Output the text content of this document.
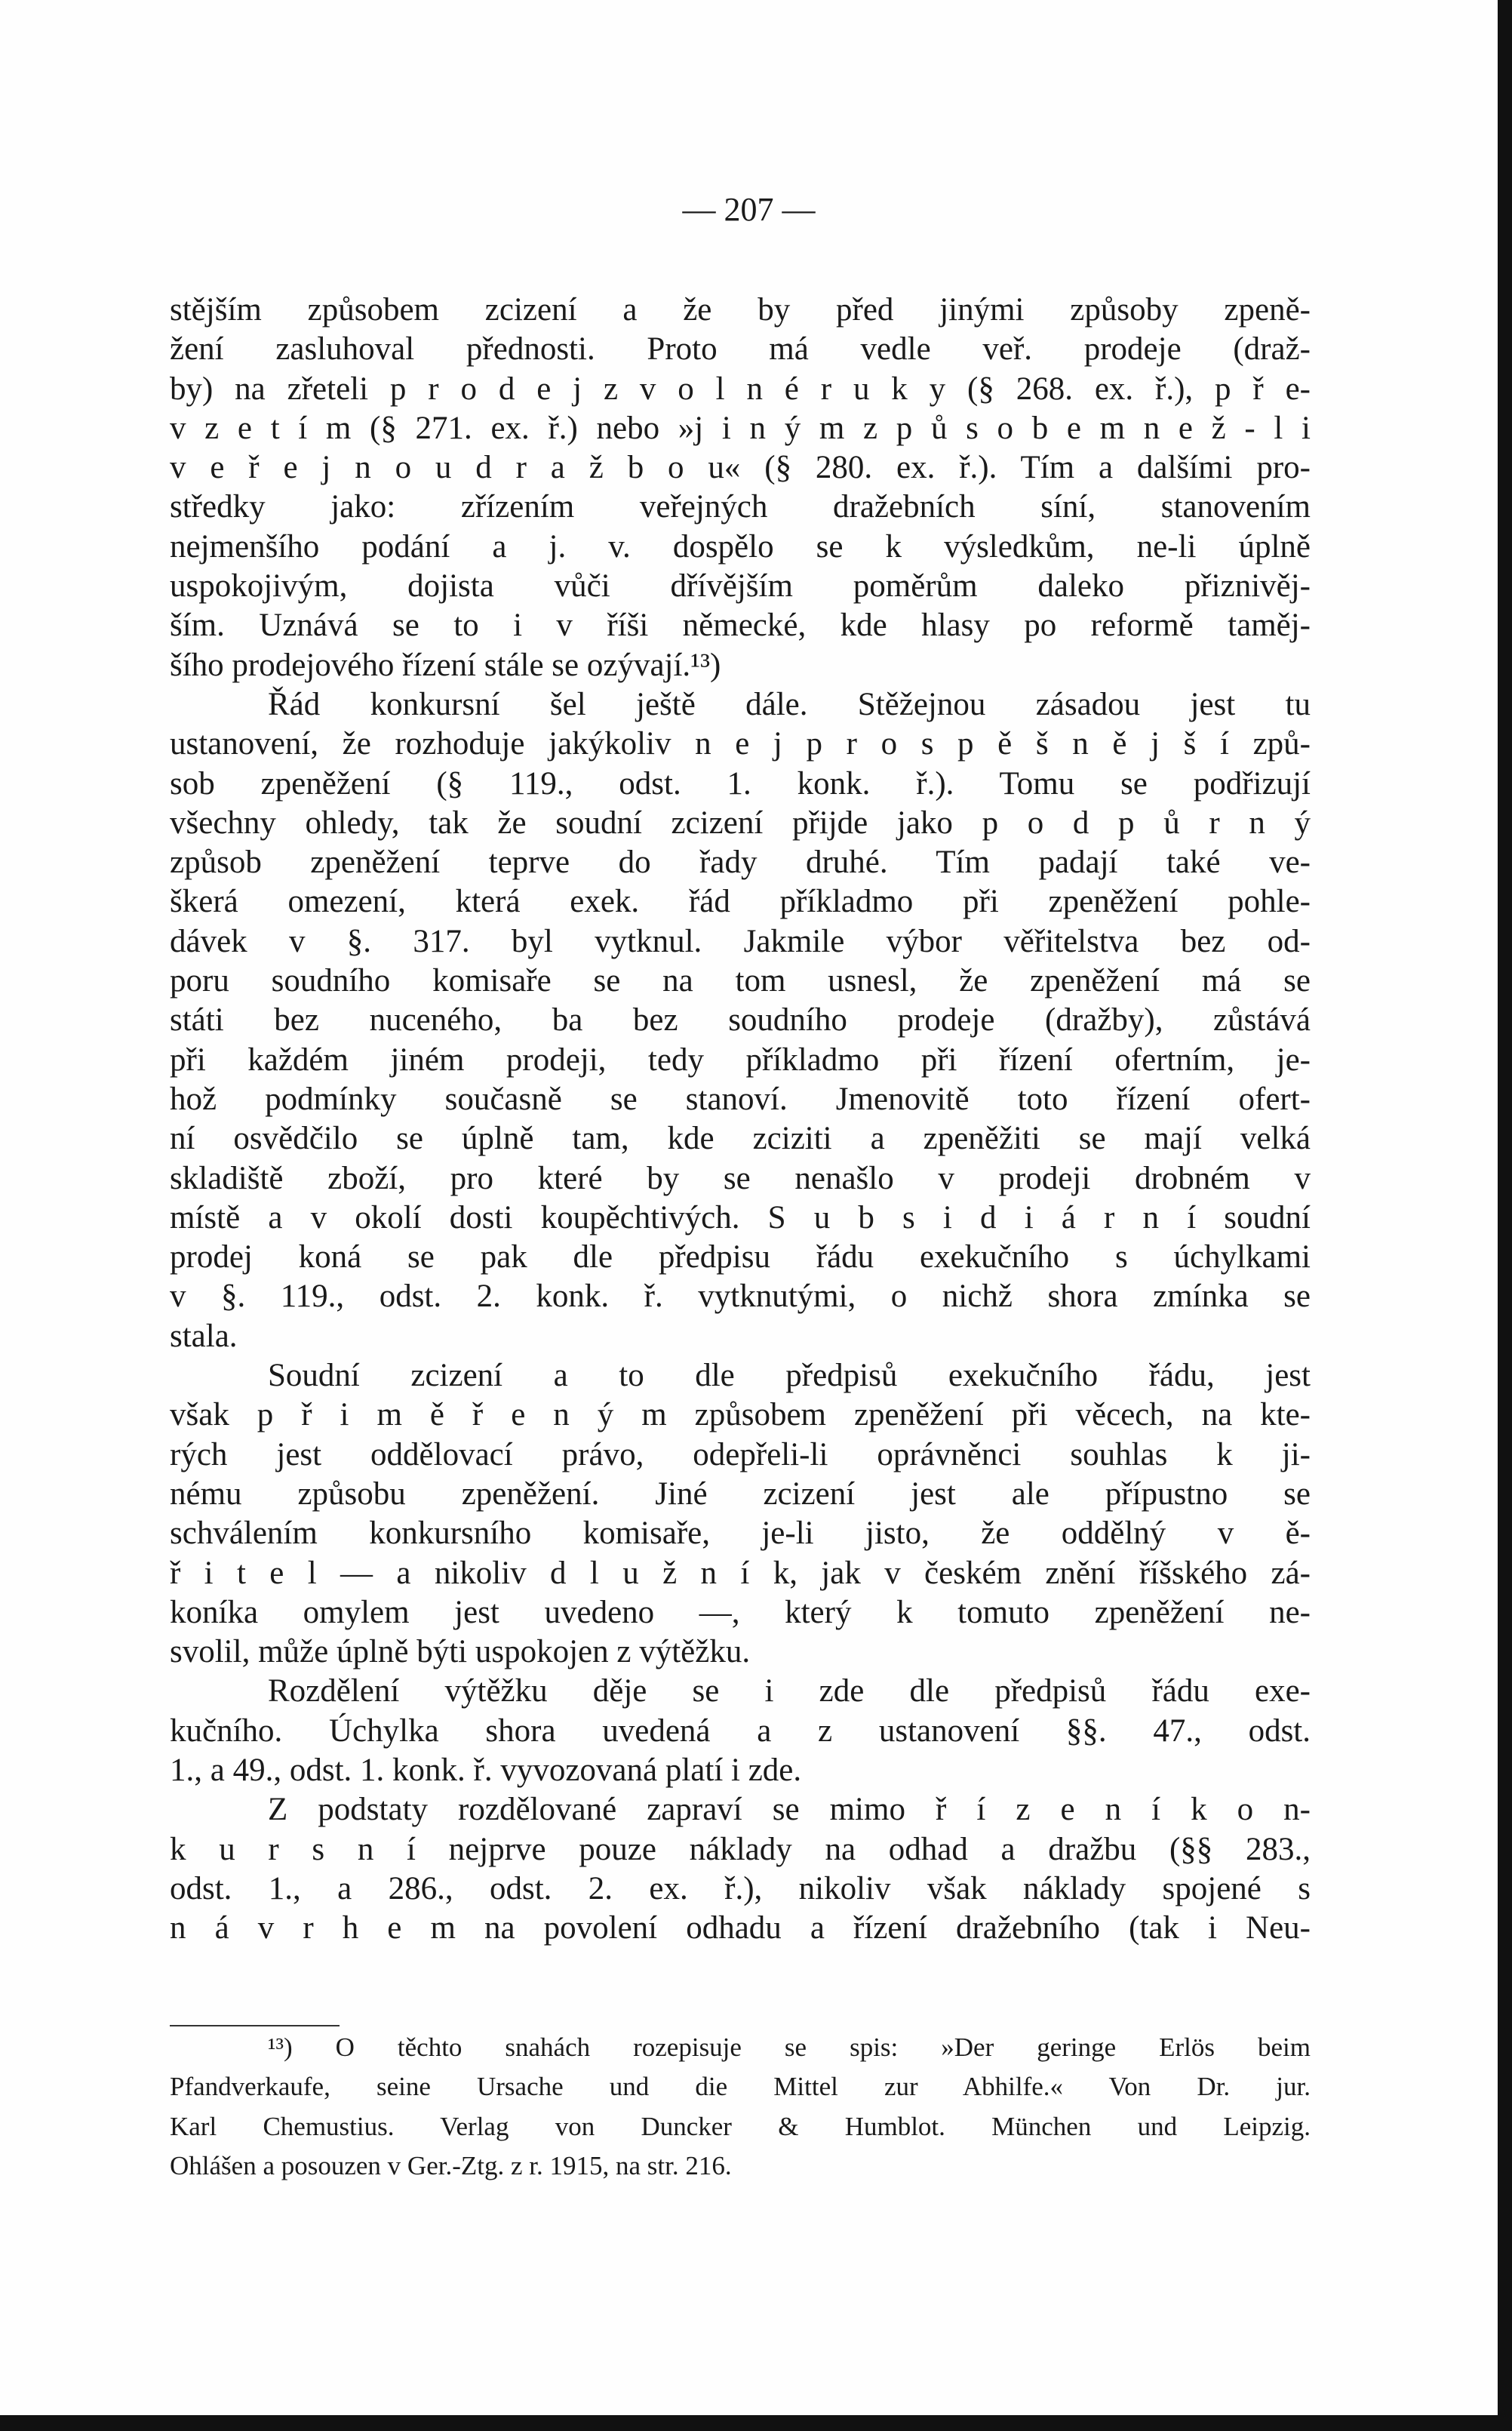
— 207 —
stějším způsobem zcizení a že by před jinými způsoby zpeně-
žení zasluhoval přednosti. Proto má vedle veř. prodeje (draž-
by) na zřeteli p r o d e j z v o l n é r u k y (§ 268. ex. ř.), p ř e-
v z e t í m (§ 271. ex. ř.) nebo »j i n ý m z p ů s o b e m n e ž - l i
v e ř e j n o u d r a ž b o u« (§ 280. ex. ř.). Tím a dalšími pro-
středky jako: zřízením veřejných dražebních síní, stanovením
nejmenšího podání a j. v. dospělo se k výsledkům, ne-li úplně
uspokojivým, dojista vůči dřívějším poměrům daleko přiznivěj-
ším. Uznává se to i v říši německé, kde hlasy po reformě taměj-
šího prodejového řízení stále se ozývají.¹³)
Řád konkursní šel ještě dále. Stěžejnou zásadou jest tu
ustanovení, že rozhoduje jakýkoliv n e j p r o s p ě š n ě j š í způ-
sob zpeněžení (§ 119., odst. 1. konk. ř.). Tomu se podřizují
všechny ohledy, tak že soudní zcizení přijde jako p o d p ů r n ý
způsob zpeněžení teprve do řady druhé. Tím padají také ve-
škerá omezení, která exek. řád příkladmo při zpeněžení pohle-
dávek v §. 317. byl vytknul. Jakmile výbor věřitelstva bez od-
poru soudního komisaře se na tom usnesl, že zpeněžení má se
státi bez nuceného, ba bez soudního prodeje (dražby), zůstává
při každém jiném prodeji, tedy příkladmo při řízení ofertním, je-
hož podmínky současně se stanoví. Jmenovitě toto řízení ofert-
ní osvědčilo se úplně tam, kde zciziti a zpeněžiti se mají velká
skladiště zboží, pro které by se nenašlo v prodeji drobném v
místě a v okolí dosti koupěchtivých. S u b s i d i á r n í soudní
prodej koná se pak dle předpisu řádu exekučního s úchylkami
v §. 119., odst. 2. konk. ř. vytknutými, o nichž shora zmínka se
stala.
Soudní zcizení a to dle předpisů exekučního řádu, jest
však p ř i m ě ř e n ý m způsobem zpeněžení při věcech, na kte-
rých jest oddělovací právo, odepřeli-li oprávněnci souhlas k ji-
nému způsobu zpeněžení. Jiné zcizení jest ale přípustno se
schválením konkursního komisaře, je-li jisto, že oddělný v ě-
ř i t e l — a nikoliv d l u ž n í k, jak v českém znění říšského zá-
koníka omylem jest uvedeno —, který k tomuto zpeněžení ne-
svolil, může úplně býti uspokojen z výtěžku.
Rozdělení výtěžku děje se i zde dle předpisů řádu exe-
kučního. Úchylka shora uvedená a z ustanovení §§. 47., odst.
1., a 49., odst. 1. konk. ř. vyvozovaná platí i zde.
Z podstaty rozdělované zapraví se mimo ř í z e n í k o n-
k u r s n í nejprve pouze náklady na odhad a dražbu (§§ 283.,
odst. 1., a 286., odst. 2. ex. ř.), nikoliv však náklady spojené s
n á v r h e m na povolení odhadu a řízení dražebního (tak i Neu-
¹³) O těchto snahách rozepisuje se spis: »Der geringe Erlös beim
Pfandverkaufe, seine Ursache und die Mittel zur Abhilfe.« Von Dr. jur.
Karl Chemustius. Verlag von Duncker & Humblot. München und Leipzig.
Ohlášen a posouzen v Ger.-Ztg. z r. 1915, na str. 216.
